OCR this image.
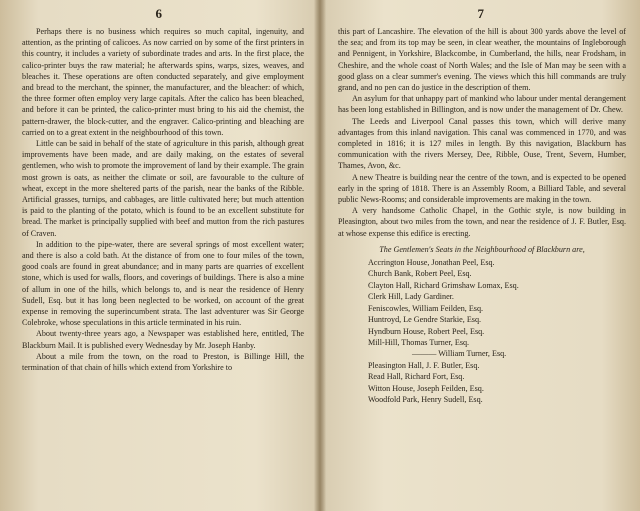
6

Perhaps there is no business which requires so much capital, ingenuity, and attention, as the printing of calicoes. As now carried on by some of the first printers in this country, it includes a variety of subordinate trades and arts. In the first place, the calico-printer buys the raw material; he afterwards spins, warps, sizes, weaves, and bleaches it. These operations are often conducted separately, and give employment and bread to the merchant, the spinner, the manufacturer, and the bleacher: of which, the three former often employ very large capitals. After the calico has been bleached, and before it can be printed, the calico-printer must bring to his aid the chemist, the pattern-drawer, the block-cutter, and the engraver. Calico-printing and bleaching are carried on to a great extent in the neighbourhood of this town.

Little can be said in behalf of the state of agriculture in this parish, although great improvements have been made, and are daily making, on the estates of several gentlemen, who wish to promote the improvement of land by their example. The grain most grown is oats, as neither the climate or soil, are favourable to the culture of wheat, except in the more sheltered parts of the parish, near the banks of the Ribble. Artificial grasses, turnips, and cabbages, are little cultivated here; but much attention is paid to the planting of the potato, which is found to be an excellent substitute for bread. The market is principally supplied with beef and mutton from the rich pastures of Craven.

In addition to the pipe-water, there are several springs of most excellent water; and there is also a cold bath. At the distance of from one to four miles of the town, good coals are found in great abundance; and in many parts are quarries of excellent stone, which is used for walls, floors, and coverings of buildings. There is also a mine of allum in one of the hills, which belongs to, and is near the residence of Henry Sudell, Esq. but it has long been neglected to be worked, on account of the great expense in removing the superincumbent strata. The last adventurer was Sir George Colebroke, whose speculations in this article terminated in his ruin.

About twenty-three years ago, a Newspaper was established here, entitled, The Blackburn Mail. It is published every Wednesday by Mr. Joseph Hanby.

About a mile from the town, on the road to Preston, is Billinge Hill, the termination of that chain of hills which extend from Yorkshire to

7

this part of Lancashire. The elevation of the hill is about 300 yards above the level of the sea; and from its top may be seen, in clear weather, the mountains of Ingleborough and Pennigent, in Yorkshire, Blackcombe, in Cumberland, the hills, near Frodsham, in Cheshire, and the whole coast of North Wales; and the Isle of Man may be seen with a good glass on a clear summer's evening. The views which this hill commands are truly grand, and no pen can do justice in the description of them.

An asylum for that unhappy part of mankind who labour under mental derangement has been long established in Billington, and is now under the management of Dr. Chew.

The Leeds and Liverpool Canal passes this town, which will derive many advantages from this inland navigation. This canal was commenced in 1770, and was completed in 1816; it is 127 miles in length. By this navigation, Blackburn has communication with the rivers Mersey, Dee, Ribble, Ouse, Trent, Severn, Humber, Thames, Avon, &c.

A new Theatre is building near the centre of the town, and is expected to be opened early in the spring of 1818. There is an Assembly Room, a Billiard Table, and several public News-Rooms; and considerable improvements are making in the town.

A very handsome Catholic Chapel, in the Gothic style, is now building in Pleasington, about two miles from the town, and near the residence of J. F. Butler, Esq. at whose expense this edifice is erecting.

The Gentlemen's Seats in the Neighbourhood of Blackburn are,
Accrington House, Jonathan Peel, Esq.
Church Bank, Robert Peel, Esq.
Clayton Hall, Richard Grimshaw Lomax, Esq.
Clerk Hill, Lady Gardiner.
Feniscowles, William Feilden, Esq.
Huntroyd, Le Gendre Starkie, Esq.
Hyndburn House, Robert Peel, Esq.
Mill-Hill, Thomas Turner, Esq.
——— William Turner, Esq.
Pleasington Hall, J. F. Butler, Esq.
Read Hall, Richard Fort, Esq.
Witton House, Joseph Feilden, Esq.
Woodfold Park, Henry Sudell, Esq.
